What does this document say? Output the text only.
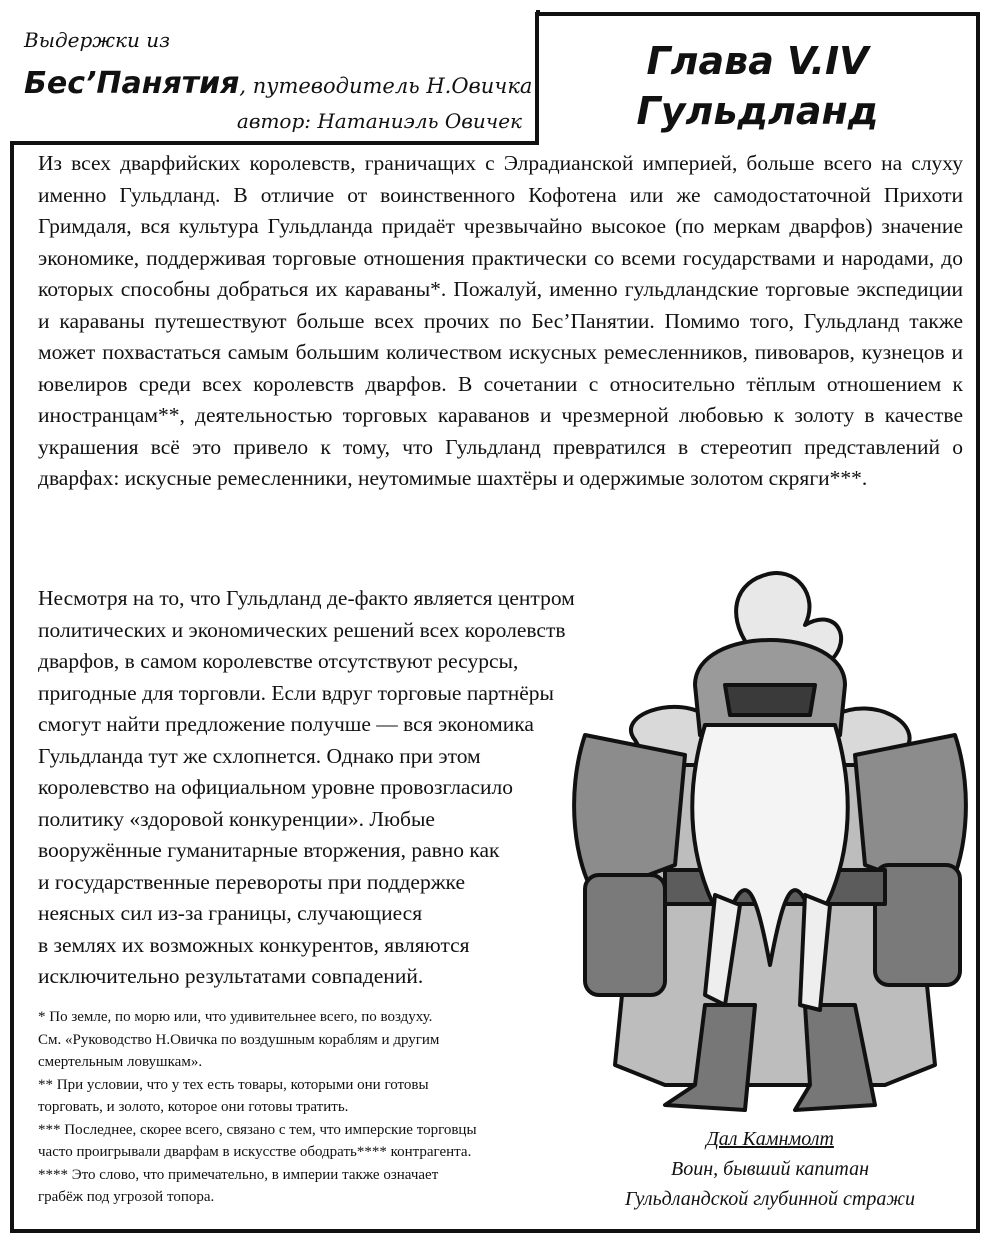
Выдержки из
Бес’Панятия, путеводитель Н.Овичка
автор: Натаниэль Овичек
Глава V.IV
Гульдланд
Из всех дварфийских королевств, граничащих с Элрадианской империей, больше всего на слуху именно Гульдланд. В отличие от воинственного Кофотена или же самодостаточной Прихоти Гримдаля, вся культура Гульдланда придаёт чрезвычайно высокое (по меркам дварфов) значение экономике, поддерживая торговые отношения практически со всеми государствами и народами, до которых способны добраться их караваны*. Пожалуй, именно гульдландские торговые экспедиции и караваны путешествуют больше всех прочих по Бес’Панятии. Помимо того, Гульдланд также может похвастаться самым большим количеством искусных ремесленников, пивоваров, кузнецов и ювелиров среди всех королевств дварфов. В сочетании с относительно тёплым отношением к иностранцам**, деятельностью торговых караванов и чрезмерной любовью к золоту в качестве украшения всё это привело к тому, что Гульдланд превратился в стереотип представлений о дварфах: искусные ремесленники, неутомимые шахтёры и одержимые золотом скряги***.
Несмотря на то, что Гульдланд де-факто является центром
политических и экономических решений всех королевств
дварфов, в самом королевстве отсутствуют ресурсы,
пригодные для торговли. Если вдруг торговые партнёры
смогут найти предложение получше — вся экономика
Гульдланда тут же схлопнется. Однако при этом
королевство на официальном уровне провозгласило
политику «здоровой конкуренции». Любые
вооружённые гуманитарные вторжения, равно как
и государственные перевороты при поддержке
неясных сил из-за границы, случающиеся
в землях их возможных конкурентов, являются
исключительно результатами совпадений.
* По земле, по морю или, что удивительнее всего, по воздуху.
См. «Руководство Н.Овичка по воздушным кораблям и другим
смертельным ловушкам».
** При условии, что у тех есть товары, которыми они готовы
торговать, и золото, которое они готовы тратить.
*** Последнее, скорее всего, связано с тем, что имперские торговцы
часто проигрывали дварфам в искусстве ободрать**** контрагента.
**** Это слово, что примечательно, в империи также означает
грабёж под угрозой топора.
Дал Камнмолт
Воин, бывший капитан
Гульдландской глубинной стражи
